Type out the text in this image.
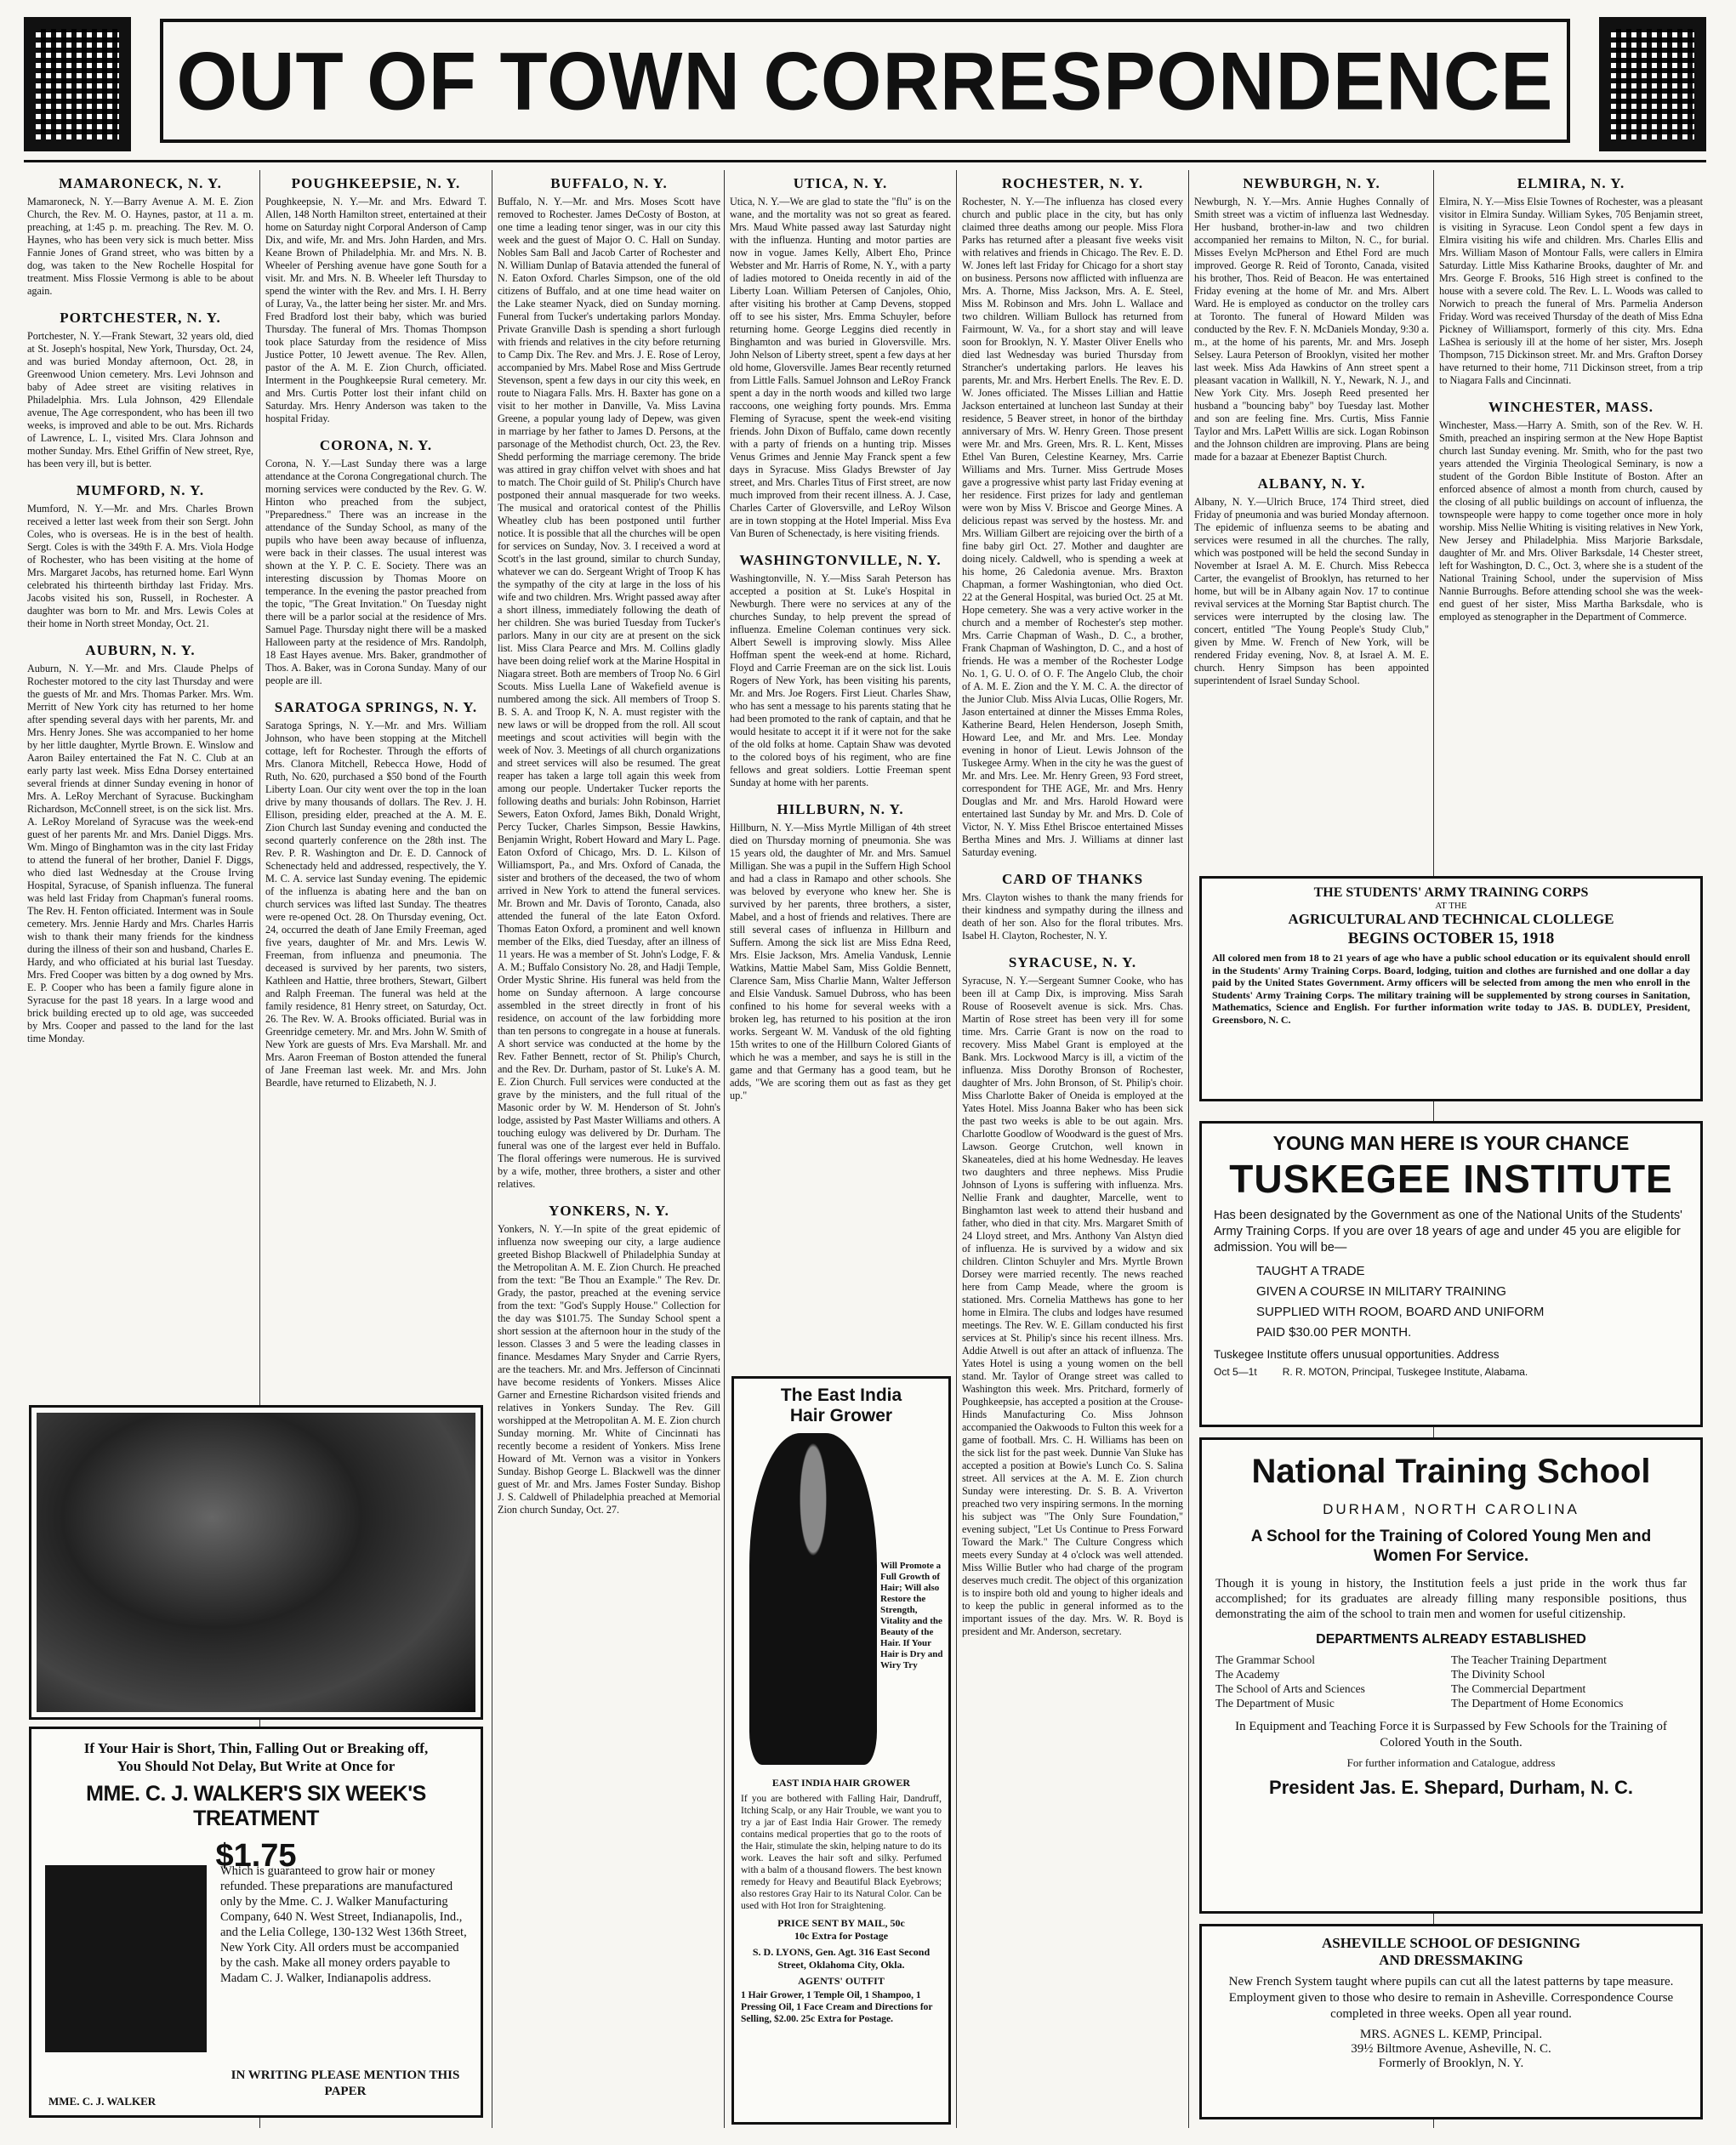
OUT OF TOWN CORRESPONDENCE
MAMARONECK, N. Y.

Mamaroneck, N. Y.—Barry Avenue A. M. E. Zion Church, the Rev. M. O. Haynes, pastor, at 11 a. m. preaching, at 1:45 p. m. preaching. The Rev. M. O. Haynes, who has been very sick is much better. Miss Fannie Jones of Grand street, who was bitten by a dog, was taken to the New Rochelle Hospital for treatment. Miss Flossie Vermong is able to be about again.

PORTCHESTER, N. Y.

Portchester, N. Y.—Frank Stewart, 32 years old, died at St. Joseph's hospital, New York, Thursday, Oct. 24, and was buried Monday afternoon, Oct. 28, in Greenwood Union cemetery. Mrs. Levi Johnson and baby of Adee street are visiting relatives in Philadelphia. Mrs. Lula Johnson, 429 Ellendale avenue, The Age correspondent, who has been ill two weeks, is improved and able to be out. Mrs. Richards of Lawrence, L. I., visited Mrs. Clara Johnson and mother Sunday. Mrs. Ethel Griffin of New street, Rye, has been very ill, but is better.

MUMFORD, N. Y.

Mumford, N. Y.—Mr. and Mrs. Charles Brown received a letter last week from their son Sergt. John Coles, who is overseas. He is in the best of health. Sergt. Coles is with the 349th F. A. Mrs. Viola Hodge of Rochester, who has been visiting at the home of Mrs. Margaret Jacobs, has returned home. Earl Wynn celebrated his thirteenth birthday last Friday. Mrs. Jacobs visited his son, Russell, in Rochester. A daughter was born to Mr. and Mrs. Lewis Coles at their home in North street Monday, Oct. 21.

AUBURN, N. Y.

Auburn, N. Y.—Mr. and Mrs. Claude Phelps of Rochester motored to the city last Thursday and were the guests of Mr. and Mrs. Thomas Parker. Mrs. Wm. Merritt of New York city has returned to her home after spending several days with her parents, Mr. and Mrs. Henry Jones. She was accompanied to her home by her little daughter, Myrtle Brown. E. Winslow and Aaron Bailey entertained the Fat N. C. Club at an early party last week. Miss Edna Dorsey entertained several friends at dinner Sunday evening in honor of Mrs. A. LeRoy Merchant of Syracuse. Buckingham Richardson, McConnell street, is on the sick list. Mrs. A. LeRoy Moreland of Syracuse was the week-end guest of her parents Mr. and Mrs. Daniel Diggs. Mrs. Wm. Mingo of Binghamton was in the city last Friday to attend the funeral of her brother, Daniel F. Diggs, who died last Wednesday at the Crouse Irving Hospital, Syracuse, of Spanish influenza. The funeral was held last Friday from Chapman's funeral rooms. The Rev. H. Fenton officiated. Interment was in Soule cemetery. Mrs. Jennie Hardy and Mrs. Charles Harris wish to thank their many friends for the kindness during the illness of their son and husband, Charles E. Hardy, and who officiated at his burial last Tuesday. Mrs. Fred Cooper was bitten by a dog owned by Mrs. E. P. Cooper who has been a family figure alone in Syracuse for the past 18 years. In a large wood and brick building erected up to old age, was succeeded by Mrs. Cooper and passed to the land for the last time Monday.

POUGHKEEPSIE, N. Y.

Poughkeepsie, N. Y.—Mr. and Mrs. Edward T. Allen, 148 North Hamilton street, entertained at their home on Saturday night Corporal Anderson of Camp Dix, and wife, Mr. and Mrs. John Harden, and Mrs. Keane Brown of Philadelphia. Mr. and Mrs. N. B. Wheeler of Pershing avenue have gone South for a visit. Mr. and Mrs. N. B. Wheeler left Thursday to spend the winter with the Rev. and Mrs. I. H. Berry of Luray, Va., the latter being her sister. Mr. and Mrs. Fred Bradford lost their baby, which was buried Thursday. The funeral of Mrs. Thomas Thompson took place Saturday from the residence of Miss Justice Potter, 10 Jewett avenue. The Rev. Allen, pastor of the A. M. E. Zion Church, officiated. Interment in the Poughkeepsie Rural cemetery. Mr. and Mrs. Curtis Potter lost their infant child on Saturday. Mrs. Henry Anderson was taken to the hospital Friday.

CORONA, N. Y.

Corona, N. Y.—Last Sunday there was a large attendance at the Corona Congregational church. The morning services were conducted by the Rev. G. W. Hinton who preached from the subject, "Preparedness." There was an increase in the attendance of the Sunday School, as many of the pupils who have been away because of influenza, were back in their classes. The usual interest was shown at the Y. P. C. E. Society. There was an interesting discussion by Thomas Moore on temperance. In the evening the pastor preached from the topic, "The Great Invitation." On Tuesday night there will be a parlor social at the residence of Mrs. Samuel Page. Thursday night there will be a masked Halloween party at the residence of Mrs. Randolph, 18 East Hayes avenue. Mrs. Baker, grandmother of Thos. A. Baker, was in Corona Sunday. Many of our people are ill.

SARATOGA SPRINGS, N. Y.

Saratoga Springs, N. Y.—Mr. and Mrs. William Johnson, who have been stopping at the Mitchell cottage, left for Rochester. Through the efforts of Mrs. Clanora Mitchell, Rebecca Howe, Hodd of Ruth, No. 620, purchased a $50 bond of the Fourth Liberty Loan. Our city went over the top in the loan drive by many thousands of dollars. The Rev. J. H. Ellison, presiding elder, preached at the A. M. E. Zion Church last Sunday evening and conducted the second quarterly conference on the 28th inst. The Rev. P. R. Washington and Dr. E. D. Cannock of Schenectady held and addressed, respectively, the Y. M. C. A. service last Sunday evening. The epidemic of the influenza is abating here and the ban on church services was lifted last Sunday. The theatres were re-opened Oct. 28. On Thursday evening, Oct. 24, occurred the death of Jane Emily Freeman, aged five years, daughter of Mr. and Mrs. Lewis W. Freeman, from influenza and pneumonia. The deceased is survived by her parents, two sisters, Kathleen and Hattie, three brothers, Stewart, Gilbert and Ralph Freeman. The funeral was held at the family residence, 81 Henry street, on Saturday, Oct. 26. The Rev. W. A. Brooks officiated. Burial was in Greenridge cemetery. Mr. and Mrs. John W. Smith of New York are guests of Mrs. Eva Marshall. Mr. and Mrs. Aaron Freeman of Boston attended the funeral of Jane Freeman last week. Mr. and Mrs. John Beardle, have returned to Elizabeth, N. J.

If Your Hair is Short, Thin, Falling Out or Breaking off,
You Should Not Delay, But Write at Once for
MME. C. J. WALKER'S SIX WEEK'S TREATMENT
$1.75

Which is guaranteed to grow hair or money refunded. These preparations are manufactured only by the Mme. C. J. Walker Manufacturing Company, 640 N. West Street, Indianapolis, Ind., and the Lelia College, 130-132 West 136th Street, New York City. All orders must be accompanied by the cash. Make all money orders payable to Madam C. J. Walker, Indianapolis address.

IN WRITING PLEASE MENTION THIS PAPER
MME. C. J. WALKER
BUFFALO, N. Y.

Buffalo, N. Y.—Mr. and Mrs. Moses Scott have removed to Rochester. James DeCosty of Boston, at one time a leading tenor singer, was in our city this week and the guest of Major O. C. Hall on Sunday. Nobles Sam Ball and Jacob Carter of Rochester and N. William Dunlap of Batavia attended the funeral of N. Eaton Oxford. Charles Simpson, one of the old citizens of Buffalo, and at one time head waiter on the Lake steamer Nyack, died on Sunday morning. Funeral from Tucker's undertaking parlors Monday. Private Granville Dash is spending a short furlough with friends and relatives in the city before returning to Camp Dix. The Rev. and Mrs. J. E. Rose of Leroy, accompanied by Mrs. Mabel Rose and Miss Gertrude Stevenson, spent a few days in our city this week, en route to Niagara Falls. Mrs. H. Baxter has gone on a visit to her mother in Danville, Va. Miss Lavina Greene, a popular young lady of Depew, was given in marriage by her father to James D. Persons, at the parsonage of the Methodist church, Oct. 23, the Rev. Shedd performing the marriage ceremony. The bride was attired in gray chiffon velvet with shoes and hat to match. The Choir guild of St. Philip's Church have postponed their annual masquerade for two weeks. The musical and oratorical contest of the Phillis Wheatley club has been postponed until further notice. It is possible that all the churches will be open for services on Sunday, Nov. 3. I received a word at Scott's in the last ground, similar to church Sunday, whatever we can do. Sergeant Wright of Troop K has the sympathy of the city at large in the loss of his wife and two children. Mrs. Wright passed away after a short illness, immediately following the death of her children. She was buried Tuesday from Tucker's parlors. Many in our city are at present on the sick list. Miss Clara Pearce and Mrs. M. Collins gladly have been doing relief work at the Marine Hospital in Niagara street. Both are members of Troop No. 6 Girl Scouts. Miss Luella Lane of Wakefield avenue is numbered among the sick. All members of Troop S. B. S. A. and Troop K, N. A. must register with the new laws or will be dropped from the roll. All scout meetings and scout activities will begin with the week of Nov. 3. Meetings of all church organizations and street services will also be resumed. The great reaper has taken a large toll again this week from among our people. Undertaker Tucker reports the following deaths and burials: John Robinson, Harriet Sewers, Eaton Oxford, James Bikh, Donald Wright, Percy Tucker, Charles Simpson, Bessie Hawkins, Benjamin Wright, Robert Howard and Mary L. Page. Eaton Oxford of Chicago, Mrs. D. L. Kilson of Williamsport, Pa., and Mrs. Oxford of Canada, the sister and brothers of the deceased, the two of whom arrived in New York to attend the funeral services. Mr. Brown and Mr. Davis of Toronto, Canada, also attended the funeral of the late Eaton Oxford. Thomas Eaton Oxford, a prominent and well known member of the Elks, died Tuesday, after an illness of 11 years. He was a member of St. John's Lodge, F. & A. M.; Buffalo Consistory No. 28, and Hadji Temple, Order Mystic Shrine. His funeral was held from the home on Sunday afternoon. A large concourse assembled in the street directly in front of his residence, on account of the law forbidding more than ten persons to congregate in a house at funerals. A short service was conducted at the home by the Rev. Father Bennett, rector of St. Philip's Church, and the Rev. Dr. Durham, pastor of St. Luke's A. M. E. Zion Church. Full services were conducted at the grave by the ministers, and the full ritual of the Masonic order by W. M. Henderson of St. John's lodge, assisted by Past Master Williams and others. A touching eulogy was delivered by Dr. Durham. The funeral was one of the largest ever held in Buffalo. The floral offerings were numerous. He is survived by a wife, mother, three brothers, a sister and other relatives.

YONKERS, N. Y.

Yonkers, N. Y.—In spite of the great epidemic of influenza now sweeping our city, a large audience greeted Bishop Blackwell of Philadelphia Sunday at the Metropolitan A. M. E. Zion Church. He preached from the text: "Be Thou an Example." The Rev. Dr. Grady, the pastor, preached at the evening service from the text: "God's Supply House." Collection for the day was $101.75. The Sunday School spent a short session at the afternoon hour in the study of the lesson. Classes 3 and 5 were the leading classes in finance. Mesdames Mary Snyder and Carrie Ryers, are the teachers. Mr. and Mrs. Jefferson of Cincinnati have become residents of Yonkers. Misses Alice Garner and Ernestine Richardson visited friends and relatives in Yonkers Sunday. The Rev. Gill worshipped at the Metropolitan A. M. E. Zion church Sunday morning. Mr. White of Cincinnati has recently become a resident of Yonkers. Miss Irene Howard of Mt. Vernon was a visitor in Yonkers Sunday. Bishop George L. Blackwell was the dinner guest of Mr. and Mrs. James Foster Sunday. Bishop J. S. Caldwell of Philadelphia preached at Memorial Zion church Sunday, Oct. 27.

UTICA, N. Y.

Utica, N. Y.—We are glad to state the "flu" is on the wane, and the mortality was not so great as feared. Mrs. Maud White passed away last Saturday night with the influenza. Hunting and motor parties are now in vogue. James Kelly, Albert Eho, Prince Webster and Mr. Harris of Rome, N. Y., with a party of ladies motored to Oneida recently in aid of the Liberty Loan. William Petersen of Canjoles, Ohio, after visiting his brother at Camp Devens, stopped off to see his sister, Mrs. Emma Schuyler, before returning home. George Leggins died recently in Binghamton and was buried in Gloversville. Mrs. John Nelson of Liberty street, spent a few days at her old home, Gloversville. James Bear recently returned from Little Falls. Samuel Johnson and LeRoy Franck spent a day in the north woods and killed two large raccoons, one weighing forty pounds. Mrs. Emma Fleming of Syracuse, spent the week-end visiting friends. John Dixon of Buffalo, came down recently with a party of friends on a hunting trip. Misses Venus Grimes and Jennie May Franck spent a few days in Syracuse. Miss Gladys Brewster of Jay street, and Mrs. Charles Titus of First street, are now much improved from their recent illness. A. J. Case, Charles Carter of Gloversville, and LeRoy Wilson are in town stopping at the Hotel Imperial. Miss Eva Van Buren of Schenectady, is here visiting friends.

WASHINGTONVILLE, N. Y.

Washingtonville, N. Y.—Miss Sarah Peterson has accepted a position at St. Luke's Hospital in Newburgh. There were no services at any of the churches Sunday, to help prevent the spread of influenza. Emeline Coleman continues very sick. Albert Sewell is improving slowly. Miss Allee Hoffman spent the week-end at home. Richard, Floyd and Carrie Freeman are on the sick list. Louis Rogers of New York, has been visiting his parents, Mr. and Mrs. Joe Rogers. First Lieut. Charles Shaw, who has sent a message to his parents stating that he had been promoted to the rank of captain, and that he would hesitate to accept it if it were not for the sake of the old folks at home. Captain Shaw was devoted to the colored boys of his regiment, who are fine fellows and great soldiers. Lottie Freeman spent Sunday at home with her parents.

HILLBURN, N. Y.

Hillburn, N. Y.—Miss Myrtle Milligan of 4th street died on Thursday morning of pneumonia. She was 15 years old, the daughter of Mr. and Mrs. Samuel Milligan. She was a pupil in the Suffern High School and had a class in Ramapo and other schools. She was beloved by everyone who knew her. She is survived by her parents, three brothers, a sister, Mabel, and a host of friends and relatives. There are still several cases of influenza in Hillburn and Suffern. Among the sick list are Miss Edna Reed, Mrs. Elsie Jackson, Mrs. Amelia Vandusk, Lennie Watkins, Mattie Mabel Sam, Miss Goldie Bennett, Clarence Sam, Miss Charlie Mann, Walter Jefferson and Elsie Vandusk. Samuel Dubross, who has been confined to his home for several weeks with a broken leg, has returned to his position at the iron works. Sergeant W. M. Vandusk of the old fighting 15th writes to one of the Hillburn Colored Giants of which he was a member, and says he is still in the game and that Germany has a good team, but he adds, "We are scoring them out as fast as they get up."

The East India
Hair Grower

Will Promote a Full Growth of Hair; Will also Restore the Strength, Vitality and the Beauty of the Hair. If Your Hair is Dry and Wiry Try

EAST INDIA HAIR GROWER

If you are bothered with Falling Hair, Dandruff, Itching Scalp, or any Hair Trouble, we want you to try a jar of East India Hair Grower. The remedy contains medical properties that go to the roots of the Hair, stimulate the skin, helping nature to do its work. Leaves the hair soft and silky. Perfumed with a balm of a thousand flowers. The best known remedy for Heavy and Beautiful Black Eyebrows; also restores Gray Hair to its Natural Color. Can be used with Hot Iron for Straightening.

PRICE SENT BY MAIL, 50c
10c Extra for Postage
S. D. LYONS, Gen. Agt. 316 East Second Street, Oklahoma City, Okla.
AGENTS' OUTFIT

1 Hair Grower, 1 Temple Oil, 1 Shampoo, 1 Pressing Oil, 1 Face Cream and Directions for Selling, $2.00. 25c Extra for Postage.

ROCHESTER, N. Y.

Rochester, N. Y.—The influenza has closed every church and public place in the city, but has only claimed three deaths among our people. Miss Flora Parks has returned after a pleasant five weeks visit with relatives and friends in Chicago. The Rev. E. D. W. Jones left last Friday for Chicago for a short stay on business. Persons now afflicted with influenza are Mrs. A. Thorne, Miss Jackson, Mrs. A. E. Steel, Miss M. Robinson and Mrs. John L. Wallace and two children. William Bullock has returned from Fairmount, W. Va., for a short stay and will leave soon for Brooklyn, N. Y. Master Oliver Enells who died last Wednesday was buried Thursday from Strancher's undertaking parlors. He leaves his parents, Mr. and Mrs. Herbert Enells. The Rev. E. D. W. Jones officiated. The Misses Lillian and Hattie Jackson entertained at luncheon last Sunday at their residence, 5 Beaver street, in honor of the birthday anniversary of Mrs. W. Henry Green. Those present were Mr. and Mrs. Green, Mrs. R. L. Kent, Misses Ethel Van Buren, Celestine Kearney, Mrs. Carrie Williams and Mrs. Turner. Miss Gertrude Moses gave a progressive whist party last Friday evening at her residence. First prizes for lady and gentleman were won by Miss V. Briscoe and George Mines. A delicious repast was served by the hostess. Mr. and Mrs. William Gilbert are rejoicing over the birth of a fine baby girl Oct. 27. Mother and daughter are doing nicely. Caldwell, who is spending a week at his home, 26 Caledonia avenue. Mrs. Braxton Chapman, a former Washingtonian, who died Oct. 22 at the General Hospital, was buried Oct. 25 at Mt. Hope cemetery. She was a very active worker in the church and a member of Rochester's step mother. Mrs. Carrie Chapman of Wash., D. C., a brother, Frank Chapman of Washington, D. C., and a host of friends. He was a member of the Rochester Lodge No. 1, G. U. O. of O. F. The Angelo Club, the choir of A. M. E. Zion and the Y. M. C. A. the director of the Junior Club. Miss Alvia Lucas, Ollie Rogers, Mr. Jason entertained at dinner the Misses Emma Roles, Katherine Beard, Helen Henderson, Joseph Smith, Howard Lee, and Mr. and Mrs. Lee. Monday evening in honor of Lieut. Lewis Johnson of the Tuskegee Army. When in the city he was the guest of Mr. and Mrs. Lee. Mr. Henry Green, 93 Ford street, correspondent for THE AGE, Mr. and Mrs. Henry Douglas and Mr. and Mrs. Harold Howard were entertained last Sunday by Mr. and Mrs. D. Cole of Victor, N. Y. Miss Ethel Briscoe entertained Misses Bertha Mines and Mrs. J. Williams at dinner last Saturday evening.

CARD OF THANKS

Mrs. Clayton wishes to thank the many friends for their kindness and sympathy during the illness and death of her son. Also for the floral tributes. Mrs. Isabel H. Clayton, Rochester, N. Y.

SYRACUSE, N. Y.

Syracuse, N. Y.—Sergeant Sumner Cooke, who has been ill at Camp Dix, is improving. Miss Sarah Rouse of Roosevelt avenue is sick. Mrs. Chas. Martin of Rose street has been very ill for some time. Mrs. Carrie Grant is now on the road to recovery. Miss Mabel Grant is employed at the Bank. Mrs. Lockwood Marcy is ill, a victim of the influenza. Miss Dorothy Bronson of Rochester, daughter of Mrs. John Bronson, of St. Philip's choir. Miss Charlotte Baker of Oneida is employed at the Yates Hotel. Miss Joanna Baker who has been sick the past two weeks is able to be out again. Mrs. Charlotte Goodlow of Woodward is the guest of Mrs. Lawson. George Crutchon, well known in Skaneateles, died at his home Wednesday. He leaves two daughters and three nephews. Miss Prudie Johnson of Lyons is suffering with influenza. Mrs. Nellie Frank and daughter, Marcelle, went to Binghamton last week to attend their husband and father, who died in that city. Mrs. Margaret Smith of 24 Lloyd street, and Mrs. Anthony Van Alstyn died of influenza. He is survived by a widow and six children. Clinton Schuyler and Mrs. Myrtle Brown Dorsey were married recently. The news reached here from Camp Meade, where the groom is stationed. Mrs. Cornelia Matthews has gone to her home in Elmira. The clubs and lodges have resumed meetings. The Rev. W. E. Gillam conducted his first services at St. Philip's since his recent illness. Mrs. Addie Atwell is out after an attack of influenza. The Yates Hotel is using a young women on the bell stand. Mr. Taylor of Orange street was called to Washington this week. Mrs. Pritchard, formerly of Poughkeepsie, has accepted a position at the Crouse-Hinds Manufacturing Co. Miss Johnson accompanied the Oakwoods to Fulton this week for a game of football. Mrs. C. H. Williams has been on the sick list for the past week. Dunnie Van Sluke has accepted a position at Bowie's Lunch Co. S. Salina street. All services at the A. M. E. Zion church Sunday were interesting. Dr. S. B. A. Vriverton preached two very inspiring sermons. In the morning his subject was "The Only Sure Foundation," evening subject, "Let Us Continue to Press Forward Toward the Mark." The Culture Congress which meets every Sunday at 4 o'clock was well attended. Miss Willie Butler who had charge of the program deserves much credit. The object of this organization is to inspire both old and young to higher ideals and to keep the public in general informed as to the important issues of the day. Mrs. W. R. Boyd is president and Mr. Anderson, secretary.

NEWBURGH, N. Y.

Newburgh, N. Y.—Mrs. Annie Hughes Connally of Smith street was a victim of influenza last Wednesday. Her husband, brother-in-law and two children accompanied her remains to Milton, N. C., for burial. Misses Evelyn McPherson and Ethel Ford are much improved. George R. Reid of Toronto, Canada, visited his brother, Thos. Reid of Beacon. He was entertained Friday evening at the home of Mr. and Mrs. Albert Ward. He is employed as conductor on the trolley cars at Toronto. The funeral of Howard Milden was conducted by the Rev. F. N. McDaniels Monday, 9:30 a. m., at the home of his parents, Mr. and Mrs. Joseph Selsey. Laura Peterson of Brooklyn, visited her mother last week. Miss Ada Hawkins of Ann street spent a pleasant vacation in Wallkill, N. Y., Newark, N. J., and New York City. Mrs. Joseph Reed presented her husband a "bouncing baby" boy Tuesday last. Mother and son are feeling fine. Mrs. Curtis, Miss Fannie Taylor and Mrs. LaPett Willis are sick. Logan Robinson and the Johnson children are improving. Plans are being made for a bazaar at Ebenezer Baptist Church.

ALBANY, N. Y.

Albany, N. Y.—Ulrich Bruce, 174 Third street, died Friday of pneumonia and was buried Monday afternoon. The epidemic of influenza seems to be abating and services were resumed in all the churches. The rally, which was postponed will be held the second Sunday in November at Israel A. M. E. Church. Miss Rebecca Carter, the evangelist of Brooklyn, has returned to her home, but will be in Albany again Nov. 17 to continue revival services at the Morning Star Baptist church. The services were interrupted by the closing law. The concert, entitled "The Young People's Study Club," given by Mme. W. French of New York, will be rendered Friday evening, Nov. 8, at Israel A. M. E. church. Henry Simpson has been appointed superintendent of Israel Sunday School.

ELMIRA, N. Y.

Elmira, N. Y.—Miss Elsie Townes of Rochester, was a pleasant visitor in Elmira Sunday. William Sykes, 705 Benjamin street, is visiting in Syracuse. Leon Condol spent a few days in Elmira visiting his wife and children. Mrs. Charles Ellis and Mrs. William Mason of Montour Falls, were callers in Elmira Saturday. Little Miss Katharine Brooks, daughter of Mr. and Mrs. George F. Brooks, 516 High street is confined to the house with a severe cold. The Rev. L. L. Woods was called to Norwich to preach the funeral of Mrs. Parmelia Anderson Friday. Word was received Thursday of the death of Miss Edna Pickney of Williamsport, formerly of this city. Mrs. Edna LaShea is seriously ill at the home of her sister, Mrs. Joseph Thompson, 715 Dickinson street. Mr. and Mrs. Grafton Dorsey have returned to their home, 711 Dickinson street, from a trip to Niagara Falls and Cincinnati.

WINCHESTER, MASS.

Winchester, Mass.—Harry A. Smith, son of the Rev. W. H. Smith, preached an inspiring sermon at the New Hope Baptist church last Sunday evening. Mr. Smith, who for the past two years attended the Virginia Theological Seminary, is now a student of the Gordon Bible Institute of Boston. After an enforced absence of almost a month from church, caused by the closing of all public buildings on account of influenza, the townspeople were happy to come together once more in holy worship. Miss Nellie Whiting is visiting relatives in New York, New Jersey and Philadelphia. Miss Marjorie Barksdale, daughter of Mr. and Mrs. Oliver Barksdale, 14 Chester street, left for Washington, D. C., Oct. 3, where she is a student of the National Training School, under the supervision of Miss Nannie Burroughs. Before attending school she was the week-end guest of her sister, Miss Martha Barksdale, who is employed as stenographer in the Department of Commerce.

THE STUDENTS' ARMY TRAINING CORPS
AT THE
AGRICULTURAL AND TECHNICAL CLOLLEGE
BEGINS OCTOBER 15, 1918

All colored men from 18 to 21 years of age who have a public school education or its equivalent should enroll in the Students' Army Training Corps. Board, lodging, tuition and clothes are furnished and one dollar a day paid by the United States Government. Army officers will be selected from among the men who enroll in the Students' Army Training Corps. The military training will be supplemented by strong courses in Sanitation, Mathematics, Science and English. For further information write today to JAS. B. DUDLEY, President, Greensboro, N. C.

YOUNG MAN HERE IS YOUR CHANCE
TUSKEGEE INSTITUTE

Has been designated by the Government as one of the National Units of the Students' Army Training Corps. If you are over 18 years of age and under 45 you are eligible for admission. You will be—

TAUGHT A TRADE
GIVEN A COURSE IN MILITARY TRAINING
SUPPLIED WITH ROOM, BOARD AND UNIFORM
PAID $30.00 PER MONTH.
Tuskegee Institute offers unusual opportunities. Address
Oct 5—1t	R. R. MOTON, Principal, Tuskegee Institute, Alabama.
National Training School
DURHAM, NORTH CAROLINA
A School for the Training of Colored Young Men and Women For Service.

Though it is young in history, the Institution feels a just pride in the work thus far accomplished; for its graduates are already filling many responsible positions, thus demonstrating the aim of the school to train men and women for useful citizenship.

DEPARTMENTS ALREADY ESTABLISHED
The Grammar School	The Teacher Training Department
The Academy	The Divinity School
The School of Arts and Sciences	The Commercial Department
The Department of Music	The Department of Home Economics

In Equipment and Teaching Force it is Surpassed by Few Schools for the Training of Colored Youth in the South.

For further information and Catalogue, address
President Jas. E. Shepard, Durham, N. C.
ASHEVILLE SCHOOL OF DESIGNING
AND DRESSMAKING

New French System taught where pupils can cut all the latest patterns by tape measure. Employment given to those who desire to remain in Asheville. Correspondence Course completed in three weeks. Open all year round.

MRS. AGNES L. KEMP, Principal.
39½ Biltmore Avenue, Asheville, N. C.
Formerly of Brooklyn, N. Y.
